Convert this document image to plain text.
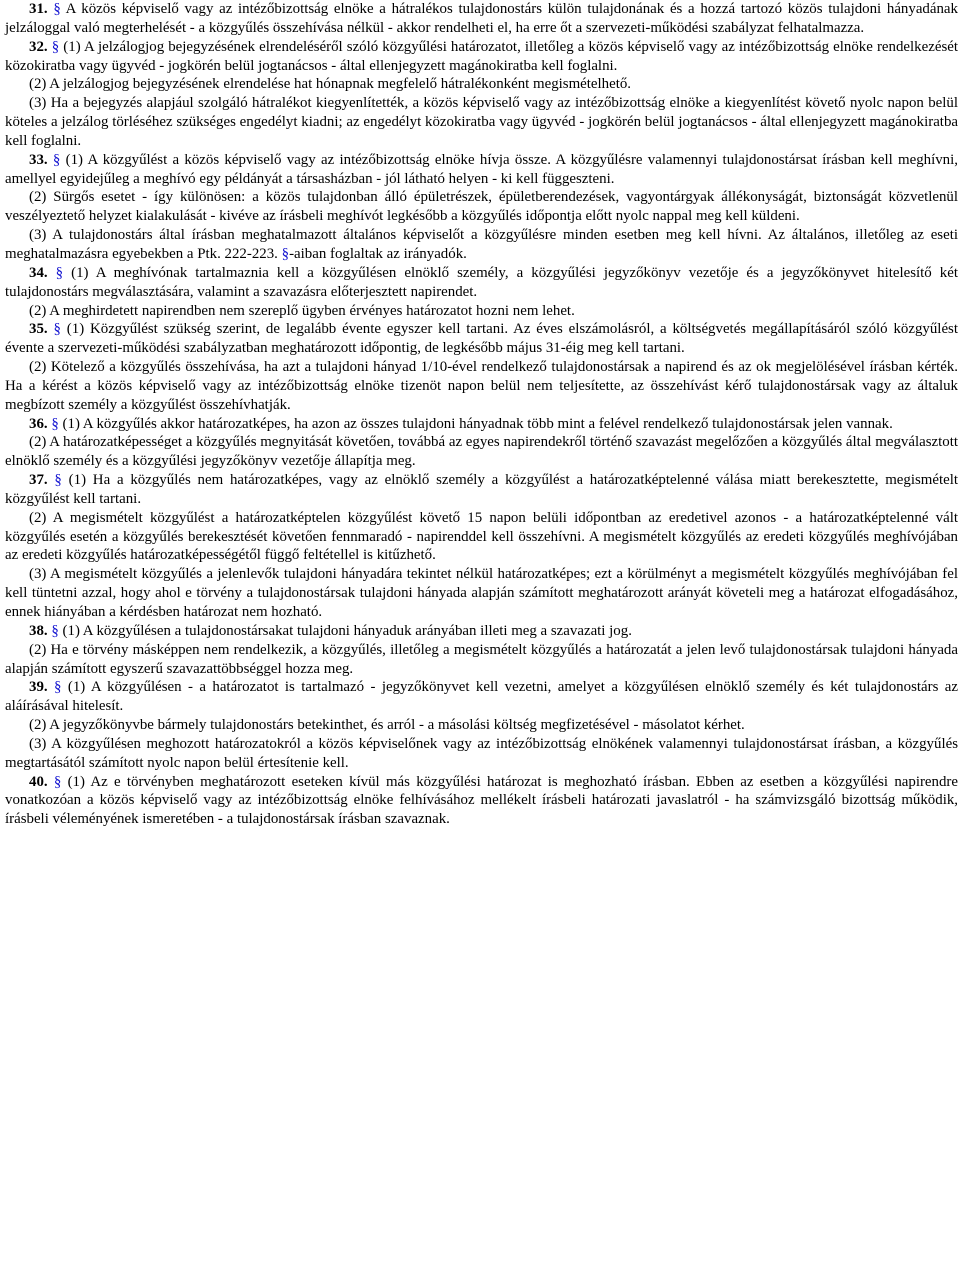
31. § A közös képviselő vagy az intézőbizottság elnöke a hátralékos tulajdonostárs külön tulajdonának és a hozzá tartozó közös tulajdoni hányadának jelzáloggal való megterhelését - a közgyűlés összehívása nélkül - akkor rendelheti el, ha erre őt a szervezeti-működési szabályzat felhatalmazza.

32. § (1) A jelzálogjog bejegyzésének elrendeléséről szóló közgyűlési határozatot, illetőleg a közös képviselő vagy az intézőbizottság elnöke rendelkezését közokiratba vagy ügyvéd - jogkörén belül jogtanácsos - által ellenjegyzett magánokiratba kell foglalni.

(2) A jelzálogjog bejegyzésének elrendelése hat hónapnak megfelelő hátralékonként megismételhető.

(3) Ha a bejegyzés alapjául szolgáló hátralékot kiegyenlítették, a közös képviselő vagy az intézőbizottság elnöke a kiegyenlítést követő nyolc napon belül köteles a jelzálog törléséhez szükséges engedélyt kiadni; az engedélyt közokiratba vagy ügyvéd - jogkörén belül jogtanácsos - által ellenjegyzett magánokiratba kell foglalni.

33. § (1) A közgyűlést a közös képviselő vagy az intézőbizottság elnöke hívja össze. A közgyűlésre valamennyi tulajdonostársat írásban kell meghívni, amellyel egyidejűleg a meghívó egy példányát a társasházban - jól látható helyen - ki kell függeszteni.

(2) Sürgős esetet - így különösen: a közös tulajdonban álló épületrészek, épületberendezések, vagyontárgyak állékonyságát, biztonságát közvetlenül veszélyeztető helyzet kialakulását - kivéve az írásbeli meghívót legkésőbb a közgyűlés időpontja előtt nyolc nappal meg kell küldeni.

(3) A tulajdonostárs által írásban meghatalmazott általános képviselőt a közgyűlésre minden esetben meg kell hívni. Az általános, illetőleg az eseti meghatalmazásra egyebekben a Ptk. 222-223. §-aiban foglaltak az irányadók.

34. § (1) A meghívónak tartalmaznia kell a közgyűlésen elnöklő személy, a közgyűlési jegyzőkönyv vezetője és a jegyzőkönyvet hitelesítő két tulajdonostárs megválasztására, valamint a szavazásra előterjesztett napirendet.

(2) A meghirdetett napirendben nem szereplő ügyben érvényes határozatot hozni nem lehet.

35. § (1) Közgyűlést szükség szerint, de legalább évente egyszer kell tartani. Az éves elszámolásról, a költségvetés megállapításáról szóló közgyűlést évente a szervezeti-működési szabályzatban meghatározott időpontig, de legkésőbb május 31-éig meg kell tartani.

(2) Kötelező a közgyűlés összehívása, ha azt a tulajdoni hányad 1/10-ével rendelkező tulajdonostársak a napirend és az ok megjelölésével írásban kérték. Ha a kérést a közös képviselő vagy az intézőbizottság elnöke tizenöt napon belül nem teljesítette, az összehívást kérő tulajdonostársak vagy az általuk megbízott személy a közgyűlést összehívhatják.

36. § (1) A közgyűlés akkor határozatképes, ha azon az összes tulajdoni hányadnak több mint a felével rendelkező tulajdonostársak jelen vannak.

(2) A határozatképességet a közgyűlés megnyitását követően, továbbá az egyes napirendekről történő szavazást megelőzően a közgyűlés által megválasztott elnöklő személy és a közgyűlési jegyzőkönyv vezetője állapítja meg.

37. § (1) Ha a közgyűlés nem határozatképes, vagy az elnöklő személy a közgyűlést a határozatképtelenné válása miatt berekesztette, megismételt közgyűlést kell tartani.

(2) A megismételt közgyűlést a határozatképtelen közgyűlést követő 15 napon belüli időpontban az eredetivel azonos - a határozatképtelenné vált közgyűlés esetén a közgyűlés berekesztését követően fennmaradó - napirenddel kell összehívni. A megismételt közgyűlés az eredeti közgyűlés meghívójában az eredeti közgyűlés határozatképességétől függő feltétellel is kitűzhető.

(3) A megismételt közgyűlés a jelenlevők tulajdoni hányadára tekintet nélkül határozatképes; ezt a körülményt a megismételt közgyűlés meghívójában fel kell tüntetni azzal, hogy ahol e törvény a tulajdonostársak tulajdoni hányada alapján számított meghatározott arányát követeli meg a határozat elfogadásához, ennek hiányában a kérdésben határozat nem hozható.

38. § (1) A közgyűlésen a tulajdonostársakat tulajdoni hányaduk arányában illeti meg a szavazati jog.

(2) Ha e törvény másképpen nem rendelkezik, a közgyűlés, illetőleg a megismételt közgyűlés a határozatát a jelen levő tulajdonostársak tulajdoni hányada alapján számított egyszerű szavazattöbbséggel hozza meg.

39. § (1) A közgyűlésen - a határozatot is tartalmazó - jegyzőkönyvet kell vezetni, amelyet a közgyűlésen elnöklő személy és két tulajdonostárs az aláírásával hitelesít.

(2) A jegyzőkönyvbe bármely tulajdonostárs betekinthet, és arról - a másolási költség megfizetésével - másolatot kérhet.

(3) A közgyűlésen meghozott határozatokról a közös képviselőnek vagy az intézőbizottság elnökének valamennyi tulajdonostársat írásban, a közgyűlés megtartásától számított nyolc napon belül értesítenie kell.

40. § (1) Az e törvényben meghatározott eseteken kívül más közgyűlési határozat is meghozható írásban. Ebben az esetben a közgyűlési napirendre vonatkozóan a közös képviselő vagy az intézőbizottság elnöke felhívásához mellékelt írásbeli határozati javaslatról - ha számvizsgáló bizottság működik, írásbeli véleményének ismeretében - a tulajdonostársak írásban szavaznak.
